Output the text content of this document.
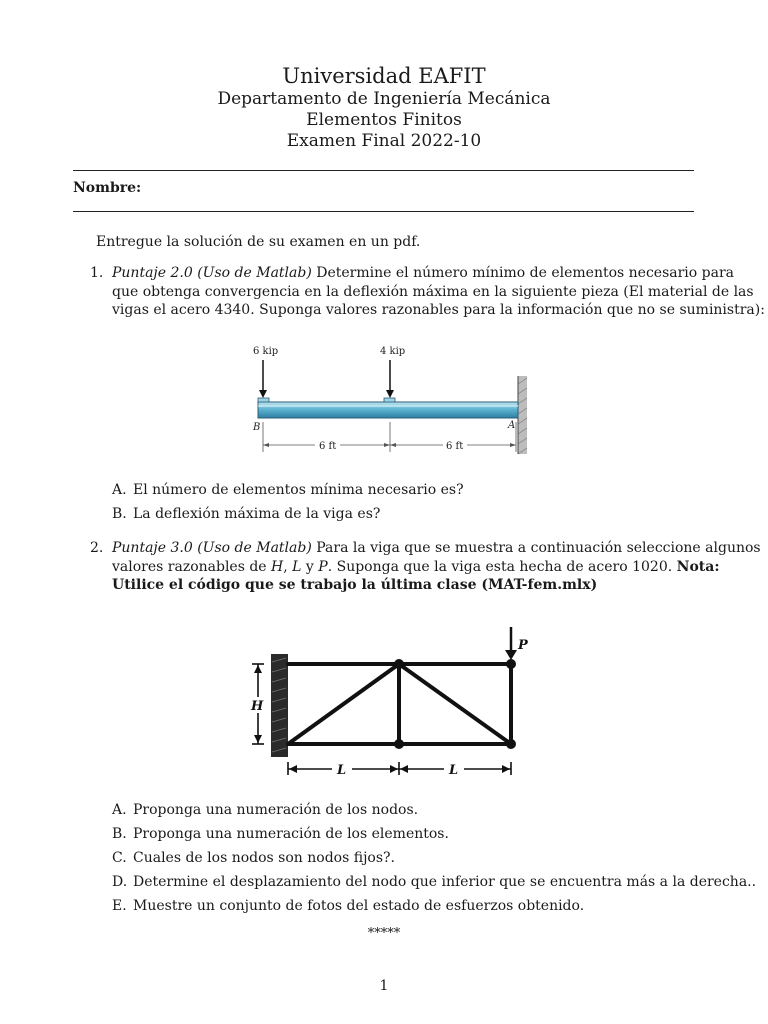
Universidad EAFIT
Departamento de Ingeniería Mecánica
Elementos Finitos
Examen Final 2022-10
Nombre:
Entregue la solución de su examen en un pdf.
1. Puntaje 2.0 (Uso de Matlab) Determine el número mínimo de elementos necesario para
que obtenga convergencia en la deflexión máxima en la siguiente pieza (El material de las
vigas el acero 4340. Suponga valores razonables para la información que no se suministra):
6 kip	4 kip
B	A
6 ft	6 ft
A. El número de elementos mínima necesario es?
B. La deflexión máxima de la viga es?
2. Puntaje 3.0 (Uso de Matlab) Para la viga que se muestra a continuación seleccione algunos
valores razonables de H, L y P. Suponga que la viga esta hecha de acero 1020. Nota:
Utilice el código que se trabajo la última clase (MAT-fem.mlx)
P
H
L	L
A. Proponga una numeración de los nodos.
B. Proponga una numeración de los elementos.
C. Cuales de los nodos son nodos fijos?.
D. Determine el desplazamiento del nodo que inferior que se encuentra más a la derecha..
E. Muestre un conjunto de fotos del estado de esfuerzos obtenido.
*****
1
